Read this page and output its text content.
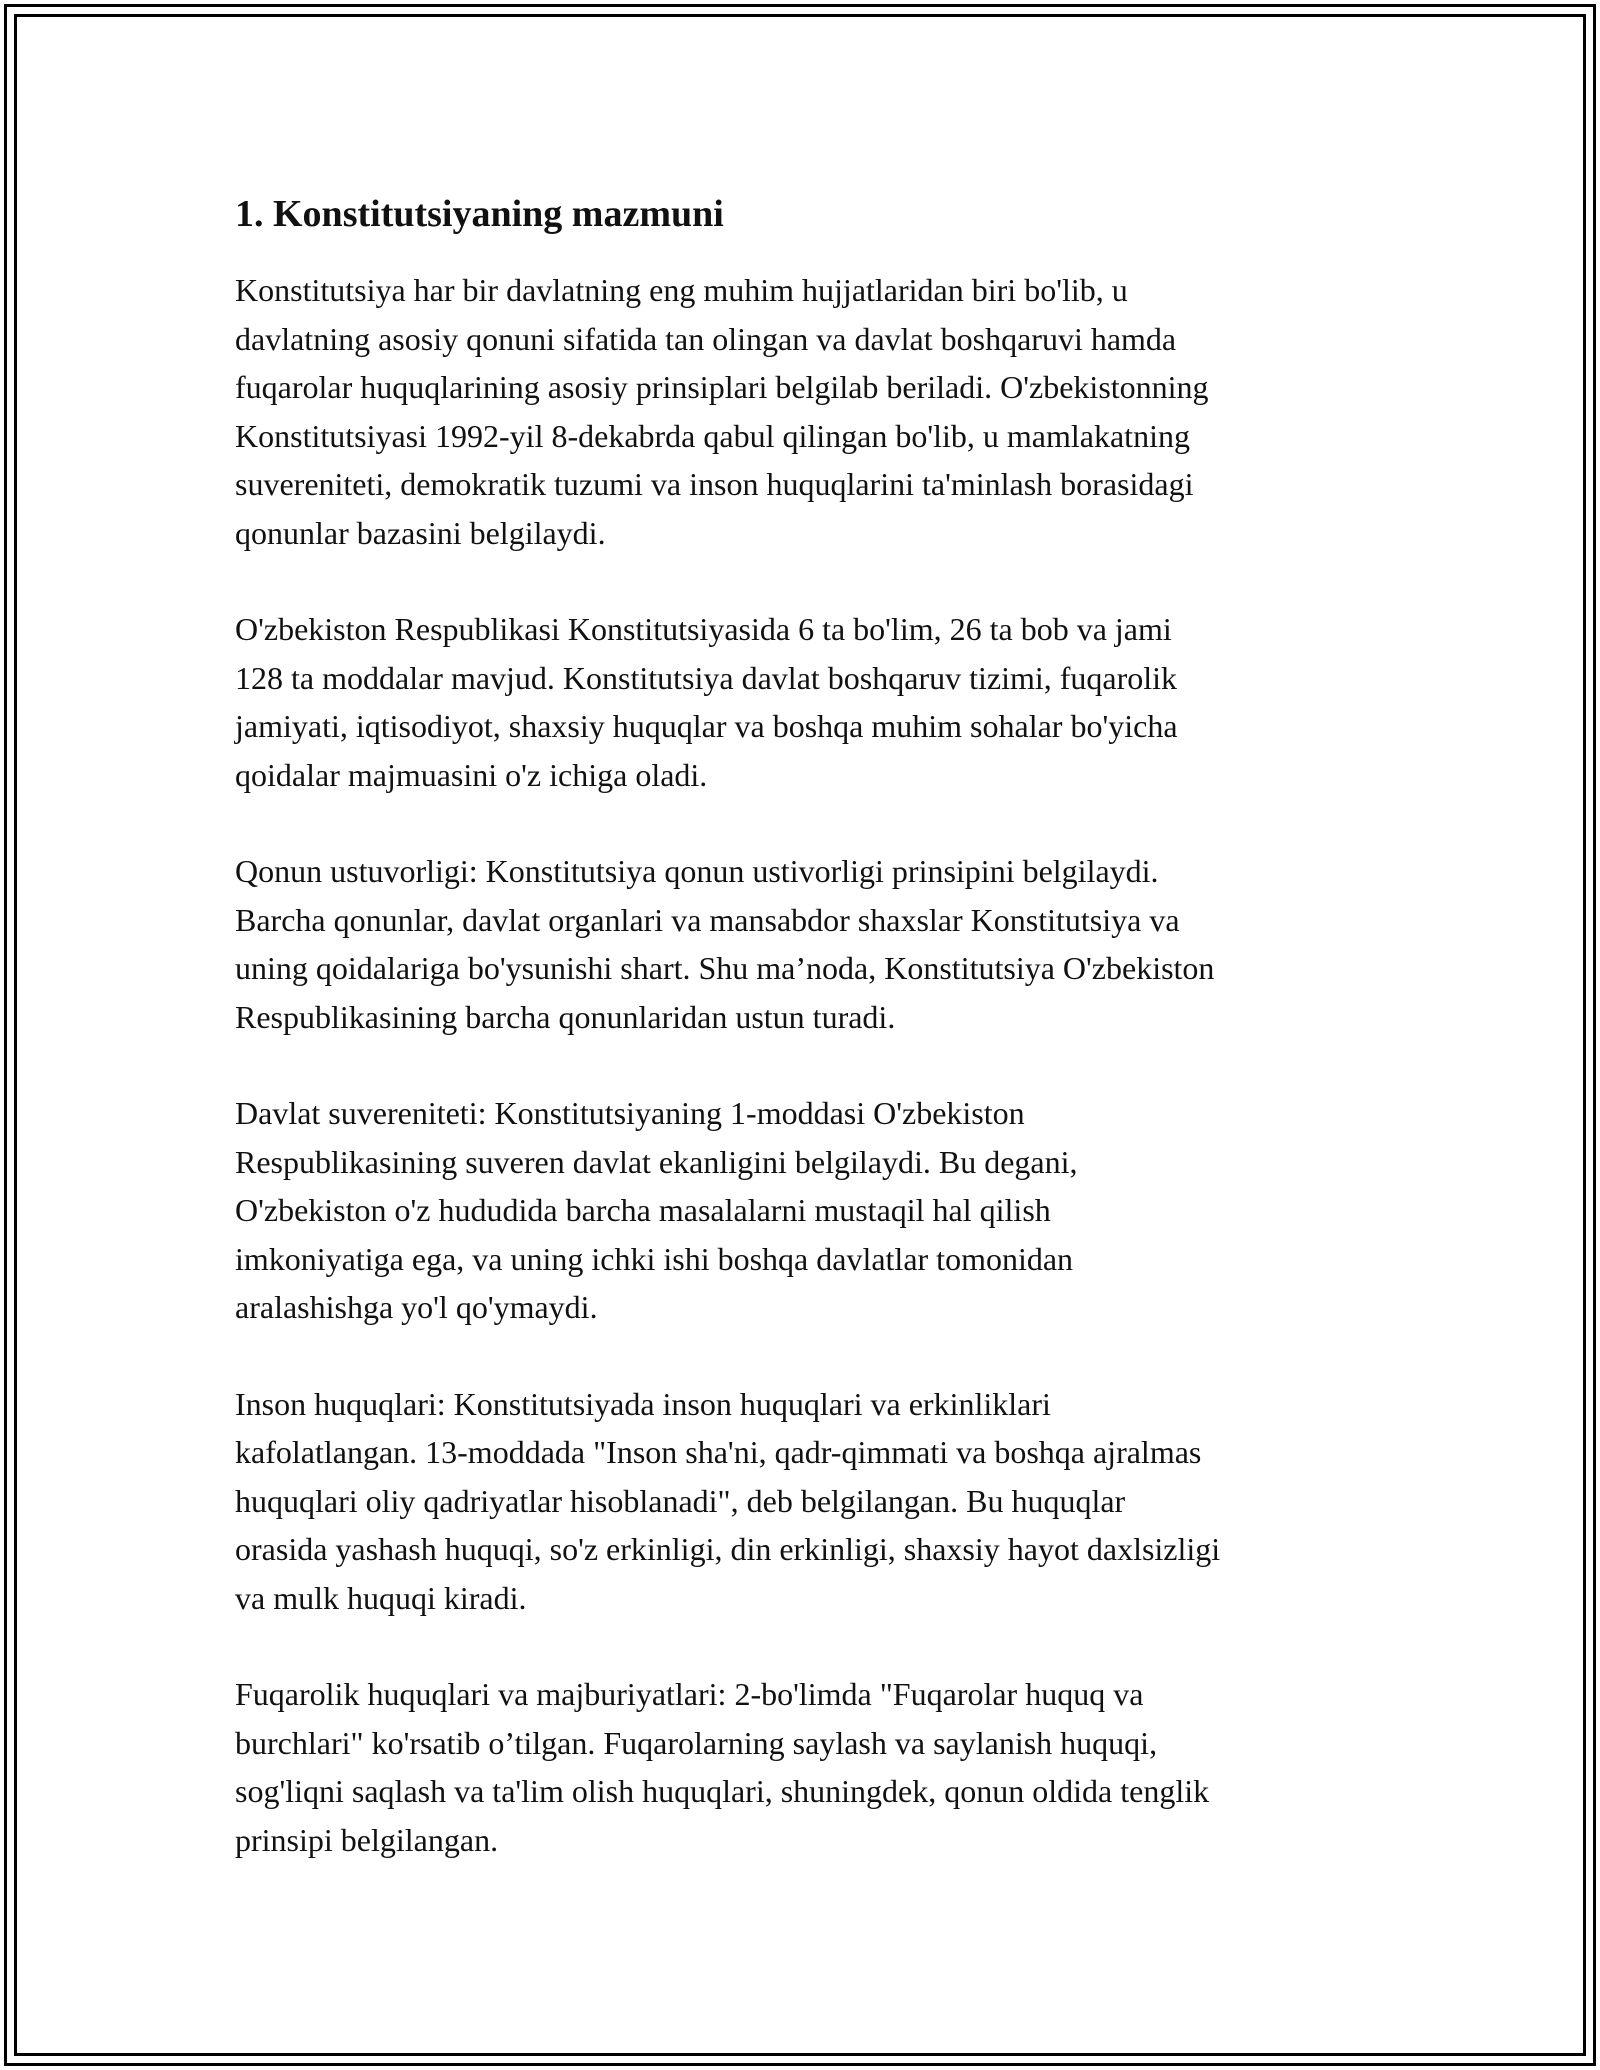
1. Konstitutsiyaning mazmuni

Konstitutsiya har bir davlatning eng muhim hujjatlaridan biri bo'lib, u
davlatning asosiy qonuni sifatida tan olingan va davlat boshqaruvi hamda
fuqarolar huquqlarining asosiy prinsiplari belgilab beriladi. O'zbekistonning
Konstitutsiyasi 1992-yil 8-dekabrda qabul qilingan bo'lib, u mamlakatning
suvereniteti, demokratik tuzumi va inson huquqlarini ta'minlash borasidagi
qonunlar bazasini belgilaydi.

O'zbekiston Respublikasi Konstitutsiyasida 6 ta bo'lim, 26 ta bob va jami
128 ta moddalar mavjud. Konstitutsiya davlat boshqaruv tizimi, fuqarolik
jamiyati, iqtisodiyot, shaxsiy huquqlar va boshqa muhim sohalar bo'yicha
qoidalar majmuasini o'z ichiga oladi.

Qonun ustuvorligi: Konstitutsiya qonun ustivorligi prinsipini belgilaydi.
Barcha qonunlar, davlat organlari va mansabdor shaxslar Konstitutsiya va
uning qoidalariga bo'ysunishi shart. Shu ma’noda, Konstitutsiya O'zbekiston
Respublikasining barcha qonunlaridan ustun turadi.

Davlat suvereniteti: Konstitutsiyaning 1-moddasi O'zbekiston
Respublikasining suveren davlat ekanligini belgilaydi. Bu degani,
O'zbekiston o'z hududida barcha masalalarni mustaqil hal qilish
imkoniyatiga ega, va uning ichki ishi boshqa davlatlar tomonidan
aralashishga yo'l qo'ymaydi.

Inson huquqlari: Konstitutsiyada inson huquqlari va erkinliklari
kafolatlangan. 13-moddada "Inson sha'ni, qadr-qimmati va boshqa ajralmas
huquqlari oliy qadriyatlar hisoblanadi", deb belgilangan. Bu huquqlar
orasida yashash huquqi, so'z erkinligi, din erkinligi, shaxsiy hayot daxlsizligi
va mulk huquqi kiradi.

Fuqarolik huquqlari va majburiyatlari: 2-bo'limda "Fuqarolar huquq va
burchlari" ko'rsatib o’tilgan. Fuqarolarning saylash va saylanish huquqi,
sog'liqni saqlash va ta'lim olish huquqlari, shuningdek, qonun oldida tenglik
prinsipi belgilangan.
